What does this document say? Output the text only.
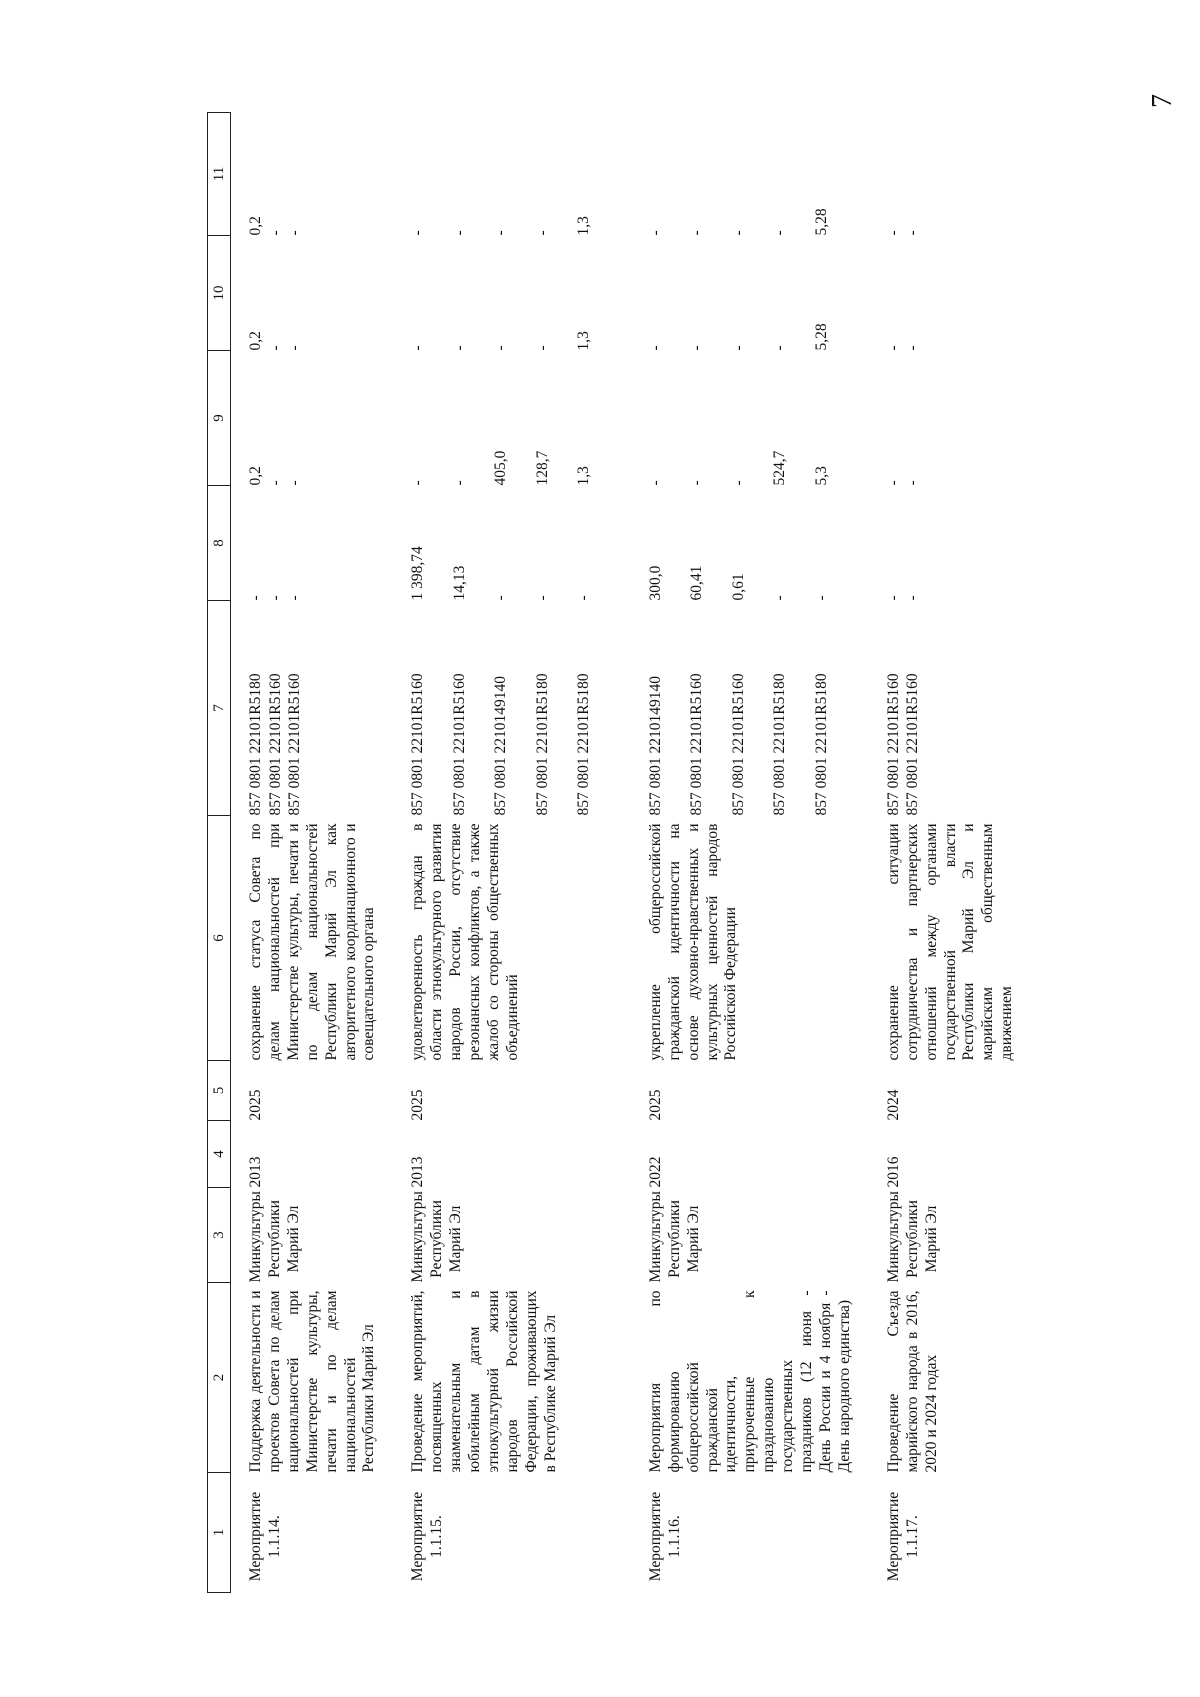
7
1	2	3	4	5	6	7	8	9	10	11
Мероприятие 1.1.14.	Поддержка деятельности и проектов Совета по делам национальностей при Министерстве культуры, печати и по делам национальностей Республики Марий Эл	Минкультуры Республики Марий Эл	2013	2025	сохранение статуса Совета по делам национальностей при Министерстве культуры, печати и по делам национальностей Республики Марий Эл как авторитетного координационного и совещательного органа	857 0801 22101R5180 857 0801 22101R5160 857 0801 22101R5160	- - -	0,2 - -	0,2 - -	0,2 - -

Мероприятие 1.1.15.	Проведение мероприятий, посвященных знаменательным и юбилейным датам в этнокультурной жизни народов Российской Федерации, проживающих в Республике Марий Эл	Минкультуры Республики Марий Эл	2013	2025	удовлетворенность граждан в области этнокультурного развития народов России, отсутствие резонансных конфликтов, а также жалоб со стороны общественных объединений	857 0801 22101R5160 857 0801 22101R5160 857 0801 2210149140 857 0801 22101R5180 857 0801 22101R5180	1 398,74 14,13 - - -	- - 405,0 128,7 1,3	- - - - 1,3	- - - - 1,3

Мероприятие 1.1.16.	Мероприятия по формированию общероссийской гражданской идентичности, приуроченные к празднованию государственных праздников (12 июня - День России и 4 ноября - День народного единства)	Минкультуры Республики Марий Эл	2022	2025	укрепление общероссийской гражданской идентичности на основе духовно-нравственных и культурных ценностей народов Российской Федерации	857 0801 2210149140 857 0801 22101R5160 857 0801 22101R5160 857 0801 22101R5180 857 0801 22101R5180	300,0 60,41 0,61 - -	- - - 524,7 5,3	- - - - 5,28	- - - - 5,28

Мероприятие 1.1.17.	Проведение Съезда марийского народа в 2016, 2020 и 2024 годах	Минкультуры Республики Марий Эл	2016	2024	сохранение ситуации сотрудничества и партнерских отношений между органами государственной власти Республики Марий Эл и марийским общественным движением	857 0801 22101R5160 857 0801 22101R5160	- -	- -	- -	- -
